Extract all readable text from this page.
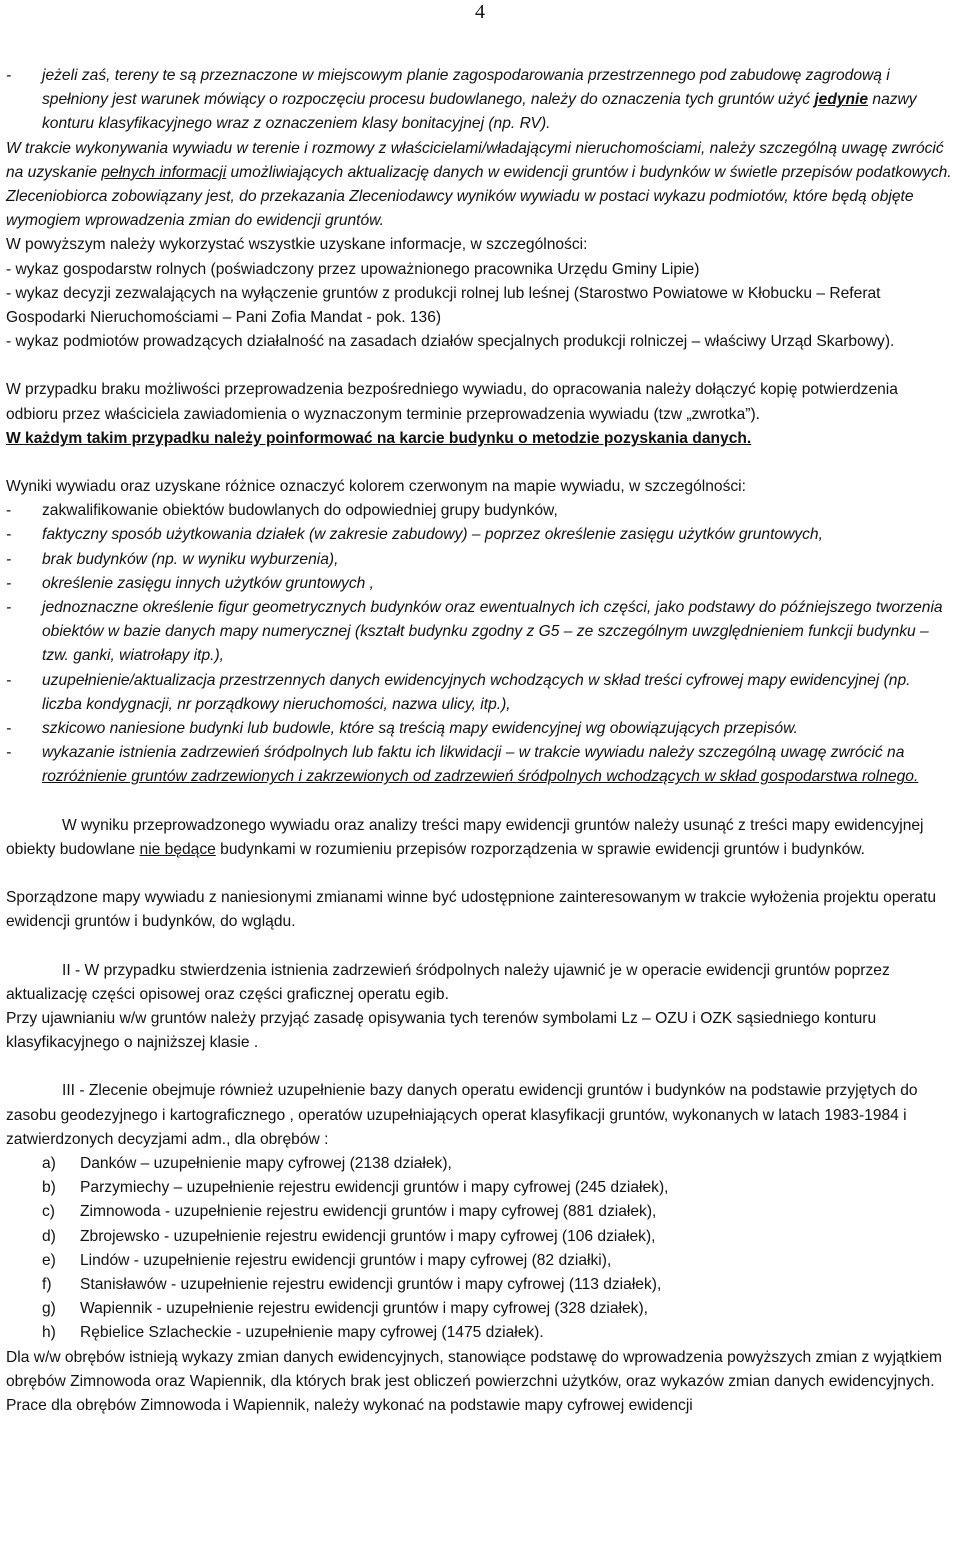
4
-	jeżeli zaś, tereny te są przeznaczone w miejscowym planie zagospodarowania przestrzennego pod zabudowę zagrodową i spełniony jest warunek mówiący o rozpoczęciu procesu budowlanego, należy do oznaczenia tych gruntów użyć jedynie nazwy konturu klasyfikacyjnego wraz z oznaczeniem klasy bonitacyjnej (np. RV).

W trakcie wykonywania wywiadu w terenie i rozmowy z właścicielami/władającymi nieruchomościami, należy szczególną uwagę zwrócić na uzyskanie pełnych informacji umożliwiających aktualizację danych w ewidencji gruntów i budynków w świetle przepisów podatkowych.

Zleceniobiorca zobowiązany jest, do przekazania Zleceniodawcy wyników wywiadu w postaci wykazu podmiotów, które będą objęte wymogiem wprowadzenia zmian do ewidencji gruntów.

W powyższym należy wykorzystać wszystkie uzyskane informacje, w szczególności:

- wykaz gospodarstw rolnych (poświadczony przez upoważnionego pracownika Urzędu Gminy Lipie)

- wykaz decyzji zezwalających na wyłączenie gruntów z produkcji rolnej lub leśnej (Starostwo Powiatowe w Kłobucku – Referat Gospodarki Nieruchomościami – Pani Zofia Mandat - pok. 136)

- wykaz podmiotów prowadzących działalność na zasadach działów specjalnych produkcji rolniczej – właściwy Urząd Skarbowy).

W przypadku braku możliwości przeprowadzenia bezpośredniego wywiadu, do opracowania należy dołączyć kopię potwierdzenia odbioru przez właściciela zawiadomienia o wyznaczonym terminie przeprowadzenia wywiadu (tzw „zwrotka”).

W każdym takim przypadku należy poinformować na karcie budynku o metodzie pozyskania danych.

Wyniki wywiadu oraz uzyskane różnice oznaczyć kolorem czerwonym na mapie wywiadu, w szczególności:

-	zakwalifikowanie obiektów budowlanych do odpowiedniej grupy budynków,
-	faktyczny sposób użytkowania działek (w zakresie zabudowy) – poprzez określenie zasięgu użytków gruntowych,
-	brak budynków (np. w wyniku wyburzenia),
-	określenie zasięgu innych użytków gruntowych ,
-	jednoznaczne określenie figur geometrycznych budynków oraz ewentualnych ich części, jako podstawy do późniejszego tworzenia obiektów w bazie danych mapy numerycznej (kształt budynku zgodny z G5 – ze szczególnym uwzględnieniem funkcji budynku – tzw. ganki, wiatrołapy itp.),
-	uzupełnienie/aktualizacja przestrzennych danych ewidencyjnych wchodzących w skład treści cyfrowej mapy ewidencyjnej (np. liczba kondygnacji, nr porządkowy nieruchomości, nazwa ulicy, itp.),
-	szkicowo naniesione budynki lub budowle, które są treścią mapy ewidencyjnej wg obowiązujących przepisów.
-	wykazanie istnienia zadrzewień śródpolnych lub faktu ich likwidacji – w trakcie wywiadu należy szczególną uwagę zwrócić na rozróżnienie gruntów zadrzewionych i zakrzewionych od zadrzewień śródpolnych wchodzących w skład gospodarstwa rolnego.

W wyniku przeprowadzonego wywiadu oraz analizy treści mapy ewidencji gruntów należy usunąć z treści mapy ewidencyjnej obiekty budowlane nie będące budynkami w rozumieniu przepisów rozporządzenia w sprawie ewidencji gruntów i budynków.

Sporządzone mapy wywiadu z naniesionymi zmianami winne być udostępnione zainteresowanym w trakcie wyłożenia projektu operatu ewidencji gruntów i budynków, do wglądu.

II - W przypadku stwierdzenia istnienia zadrzewień śródpolnych należy ujawnić je w operacie ewidencji gruntów poprzez aktualizację części opisowej oraz części graficznej operatu egib.

Przy ujawnianiu w/w gruntów należy przyjąć zasadę opisywania tych terenów symbolami Lz – OZU i OZK sąsiedniego konturu klasyfikacyjnego o najniższej klasie .

III - Zlecenie obejmuje również uzupełnienie bazy danych operatu ewidencji gruntów i budynków na podstawie przyjętych do zasobu geodezyjnego i kartograficznego , operatów uzupełniających operat klasyfikacji gruntów, wykonanych w latach 1983-1984 i zatwierdzonych decyzjami adm., dla obrębów :

a)	Danków – uzupełnienie mapy cyfrowej (2138 działek),
b)	Parzymiechy – uzupełnienie rejestru ewidencji gruntów i mapy cyfrowej (245 działek),
c)	Zimnowoda - uzupełnienie rejestru ewidencji gruntów i mapy cyfrowej (881 działek),
d)	Zbrojewsko - uzupełnienie rejestru ewidencji gruntów i mapy cyfrowej (106 działek),
e)	Lindów - uzupełnienie rejestru ewidencji gruntów i mapy cyfrowej (82 działki),
f)	Stanisławów - uzupełnienie rejestru ewidencji gruntów i mapy cyfrowej (113 działek),
g)	Wapiennik - uzupełnienie rejestru ewidencji gruntów i mapy cyfrowej (328 działek),
h)	Rębielice Szlacheckie - uzupełnienie mapy cyfrowej (1475 działek).

Dla w/w obrębów istnieją wykazy zmian danych ewidencyjnych, stanowiące podstawę do wprowadzenia powyższych zmian z wyjątkiem obrębów Zimnowoda oraz Wapiennik, dla których brak jest obliczeń powierzchni użytków, oraz wykazów zmian danych ewidencyjnych. Prace dla obrębów Zimnowoda i Wapiennik, należy wykonać na podstawie mapy cyfrowej ewidencji
